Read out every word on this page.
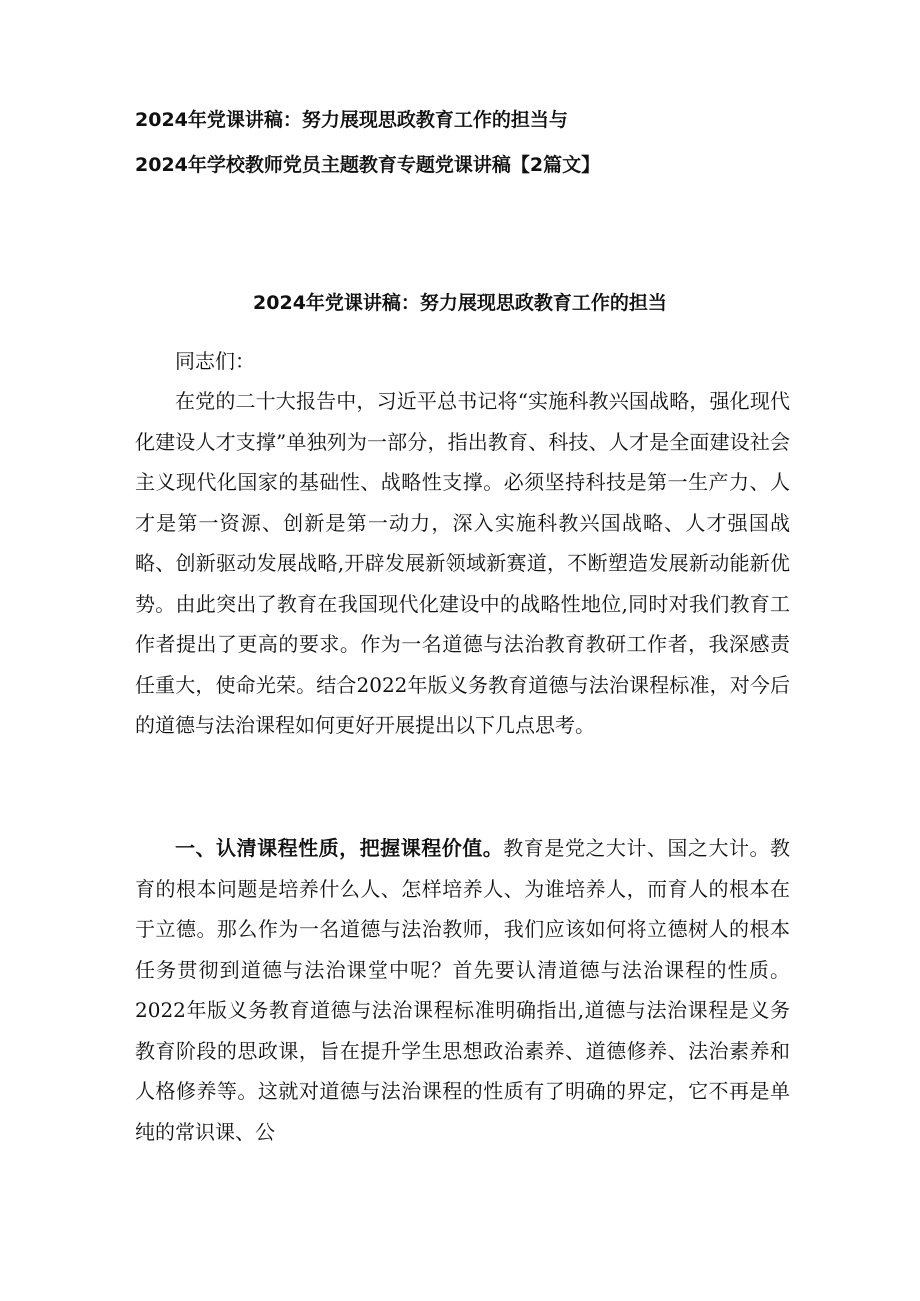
2024年党课讲稿：努力展现思政教育工作的担当与
2024年学校教师党员主题教育专题党课讲稿【2篇文】
2024年党课讲稿：努力展现思政教育工作的担当

同志们：

在党的二十大报告中，习近平总书记将“实施科教兴国战略，强化现代化建设人才支撑”单独列为一部分，指出教育、科技、人才是全面建设社会主义现代化国家的基础性、战略性支撑。必须坚持科技是第一生产力、人才是第一资源、创新是第一动力，深入实施科教兴国战略、人才强国战略、创新驱动发展战略,开辟发展新领域新赛道，不断塑造发展新动能新优势。由此突出了教育在我国现代化建设中的战略性地位,同时对我们教育工作者提出了更高的要求。作为一名道德与法治教育教研工作者，我深感责任重大，使命光荣。结合2022年版义务教育道德与法治课程标准，对今后的道德与法治课程如何更好开展提出以下几点思考。

一、认清课程性质，把握课程价值。教育是党之大计、国之大计。教育的根本问题是培养什么人、怎样培养人、为谁培养人，而育人的根本在于立德。那么作为一名道德与法治教师，我们应该如何将立德树人的根本任务贯彻到道德与法治课堂中呢？首先要认清道德与法治课程的性质。2022年版义务教育道德与法治课程标准明确指出,道德与法治课程是义务教育阶段的思政课，旨在提升学生思想政治素养、道德修养、法治素养和人格修养等。这就对道德与法治课程的性质有了明确的界定，它不再是单纯的常识课、公
